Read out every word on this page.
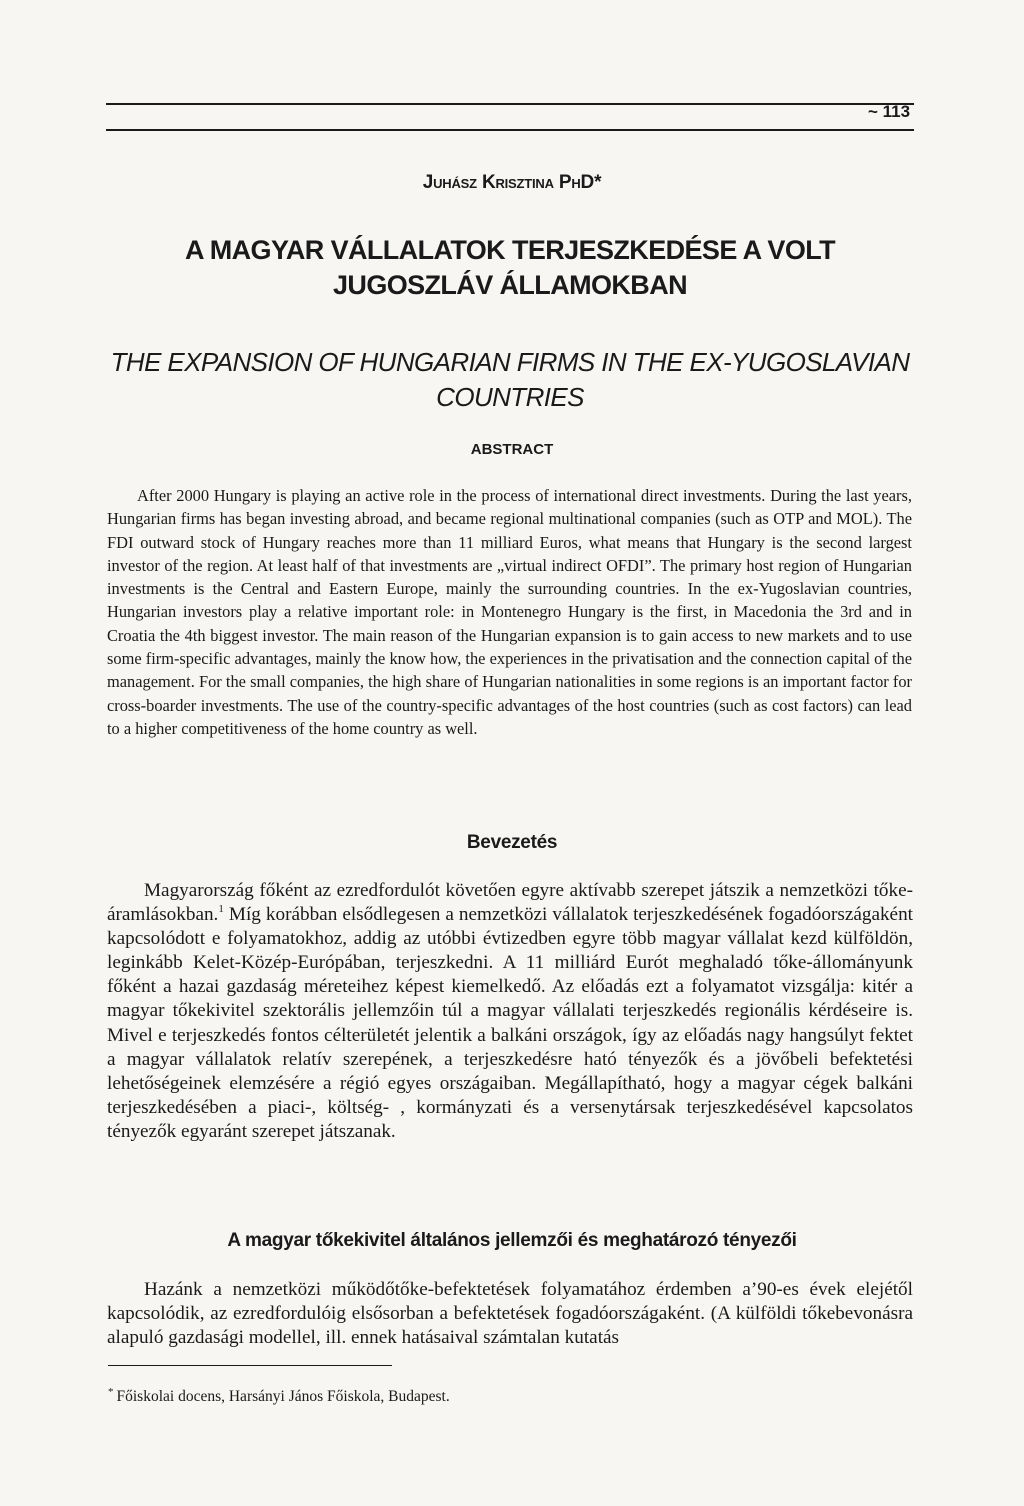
~ 113
Juhász Krisztina PhD*
A MAGYAR VÁLLALATOK TERJESZKEDÉSE A VOLT JUGOSZLÁV ÁLLAMOKBAN
THE EXPANSION OF HUNGARIAN FIRMS IN THE EX-YUGOSLAVIAN COUNTRIES
ABSTRACT

After 2000 Hungary is playing an active role in the process of international direct investments. During the last years, Hungarian firms has began investing abroad, and became regional multinational companies (such as OTP and MOL). The FDI outward stock of Hungary reaches more than 11 milliard Euros, what means that Hungary is the second largest investor of the region. At least half of that investments are „virtual indirect OFDI”. The primary host region of Hungarian investments is the Central and Eastern Europe, mainly the surrounding countries. In the ex-Yugoslavian countries, Hungarian investors play a relative important role: in Montenegro Hungary is the first, in Macedonia the 3rd and in Croatia the 4th biggest investor. The main reason of the Hungarian expansion is to gain access to new markets and to use some firm-specific advantages, mainly the know how, the experiences in the privatisation and the connection capital of the management. For the small companies, the high share of Hungarian nationalities in some regions is an important factor for cross-boarder investments. The use of the country-specific advantages of the host countries (such as cost factors) can lead to a higher competitiveness of the home country as well.

Bevezetés

Magyarország főként az ezredfordulót követően egyre aktívabb szerepet játszik a nemzetközi tőke-áramlásokban.$^1$ Míg korábban elsődlegesen a nemzetközi vállalatok terjeszkedésének fogadóországaként kapcsolódott e folyamatokhoz, addig az utóbbi évtizedben egyre több magyar vállalat kezd külföldön, leginkább Kelet-Közép-Európában, terjeszkedni. A 11 milliárd Eurót meghaladó tőke-állományunk főként a hazai gazdaság méreteihez képest kiemelkedő. Az előadás ezt a folyamatot vizsgálja: kitér a magyar tőkekivitel szektorális jellemzőin túl a magyar vállalati terjeszkedés regionális kérdéseire is. Mivel e terjeszkedés fontos célterületét jelentik a balkáni országok, így az előadás nagy hangsúlyt fektet a magyar vállalatok relatív szerepének, a terjeszkedésre ható tényezők és a jövőbeli befektetési lehetőségeinek elemzésére a régió egyes országaiban. Megállapítható, hogy a magyar cégek balkáni terjeszkedésében a piaci-, költség- , kormányzati és a versenytársak terjeszkedésével kapcsolatos tényezők egyaránt szerepet játszanak.

A magyar tőkekivitel általános jellemzői és meghatározó tényezői

Hazánk a nemzetközi működőtőke-befektetések folyamatához érdemben a’90-es évek elejétől kapcsolódik, az ezredfordulóig elsősorban a befektetések fogadóországaként. (A külföldi tőkebevonásra alapuló gazdasági modellel, ill. ennek hatásaival számtalan kutatás

* Főiskolai docens, Harsányi János Főiskola, Budapest.
